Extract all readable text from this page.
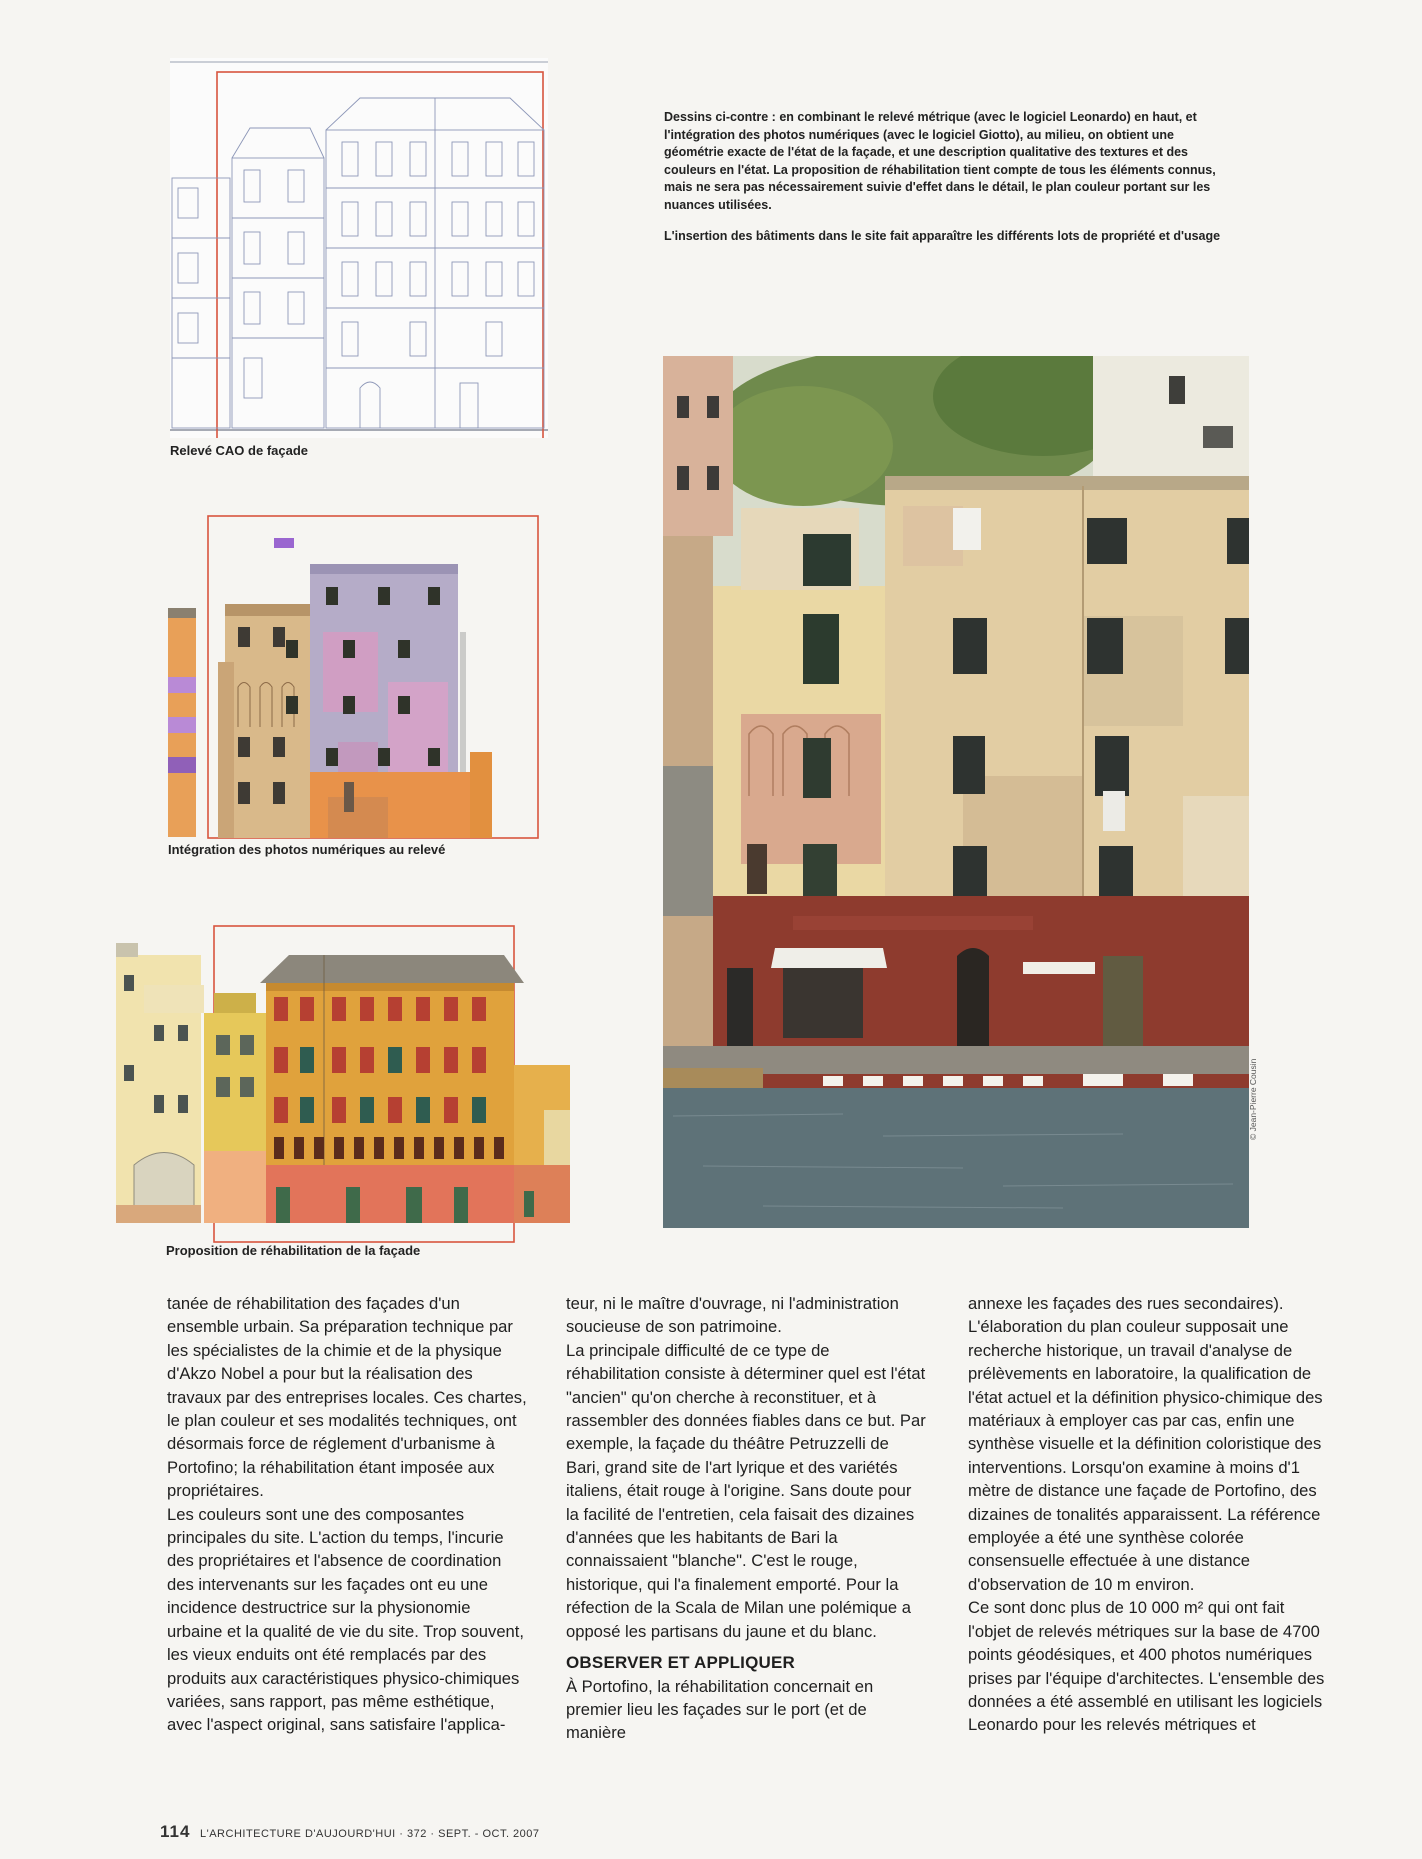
Relevé CAO de façade
Intégration des photos numériques au relevé
Proposition de réhabilitation de la façade

Dessins ci-contre : en combinant le relevé métrique (avec le logiciel Leonardo) en haut, et l'intégration des photos numériques (avec le logiciel Giotto), au milieu, on obtient une géométrie exacte de l'état de la façade, et une description qualitative des textures et des couleurs en l'état. La proposition de réhabilitation tient compte de tous les éléments connus, mais ne sera pas nécessairement suivie d'effet dans le détail, le plan couleur portant sur les nuances utilisées.

L'insertion des bâtiments dans le site fait apparaître les différents lots de propriété et d'usage

© Jean-Pierre Cousin

tanée de réhabilitation des façades d'un ensemble urbain. Sa préparation technique par les spécialistes de la chimie et de la physique d'Akzo Nobel a pour but la réalisation des travaux par des entreprises locales. Ces chartes, le plan couleur et ses modalités techniques, ont désormais force de réglement d'urbanisme à Portofino; la réhabilitation étant imposée aux propriétaires.

Les couleurs sont une des composantes principales du site. L'action du temps, l'incurie des propriétaires et l'absence de coordination des intervenants sur les façades ont eu une incidence destructrice sur la physionomie urbaine et la qualité de vie du site. Trop souvent, les vieux enduits ont été remplacés par des produits aux caractéristiques physico-chimiques variées, sans rapport, pas même esthétique, avec l'aspect original, sans satisfaire l'applica-

teur, ni le maître d'ouvrage, ni l'administration soucieuse de son patrimoine.

La principale difficulté de ce type de réhabilitation consiste à déterminer quel est l'état "ancien" qu'on cherche à reconstituer, et à rassembler des données fiables dans ce but. Par exemple, la façade du théâtre Petruzzelli de Bari, grand site de l'art lyrique et des variétés italiens, était rouge à l'origine. Sans doute pour la facilité de l'entretien, cela faisait des dizaines d'années que les habitants de Bari la connaissaient "blanche". C'est le rouge, historique, qui l'a finalement emporté. Pour la réfection de la Scala de Milan une polémique a opposé les partisans du jaune et du blanc.

OBSERVER ET APPLIQUER

À Portofino, la réhabilitation concernait en premier lieu les façades sur le port (et de manière

annexe les façades des rues secondaires). L'élaboration du plan couleur supposait une recherche historique, un travail d'analyse de prélèvements en laboratoire, la qualification de l'état actuel et la définition physico-chimique des matériaux à employer cas par cas, enfin une synthèse visuelle et la définition coloristique des interventions. Lorsqu'on examine à moins d'1 mètre de distance une façade de Portofino, des dizaines de tonalités apparaissent. La référence employée a été une synthèse colorée consensuelle effectuée à une distance d'observation de 10 m environ.

Ce sont donc plus de 10 000 m² qui ont fait l'objet de relevés métriques sur la base de 4700 points géodésiques, et 400 photos numériques prises par l'équipe d'architectes. L'ensemble des données a été assemblé en utilisant les logiciels Leonardo pour les relevés métriques et

114 L'ARCHITECTURE D'AUJOURD'HUI · 372 · SEPT. - OCT. 2007
